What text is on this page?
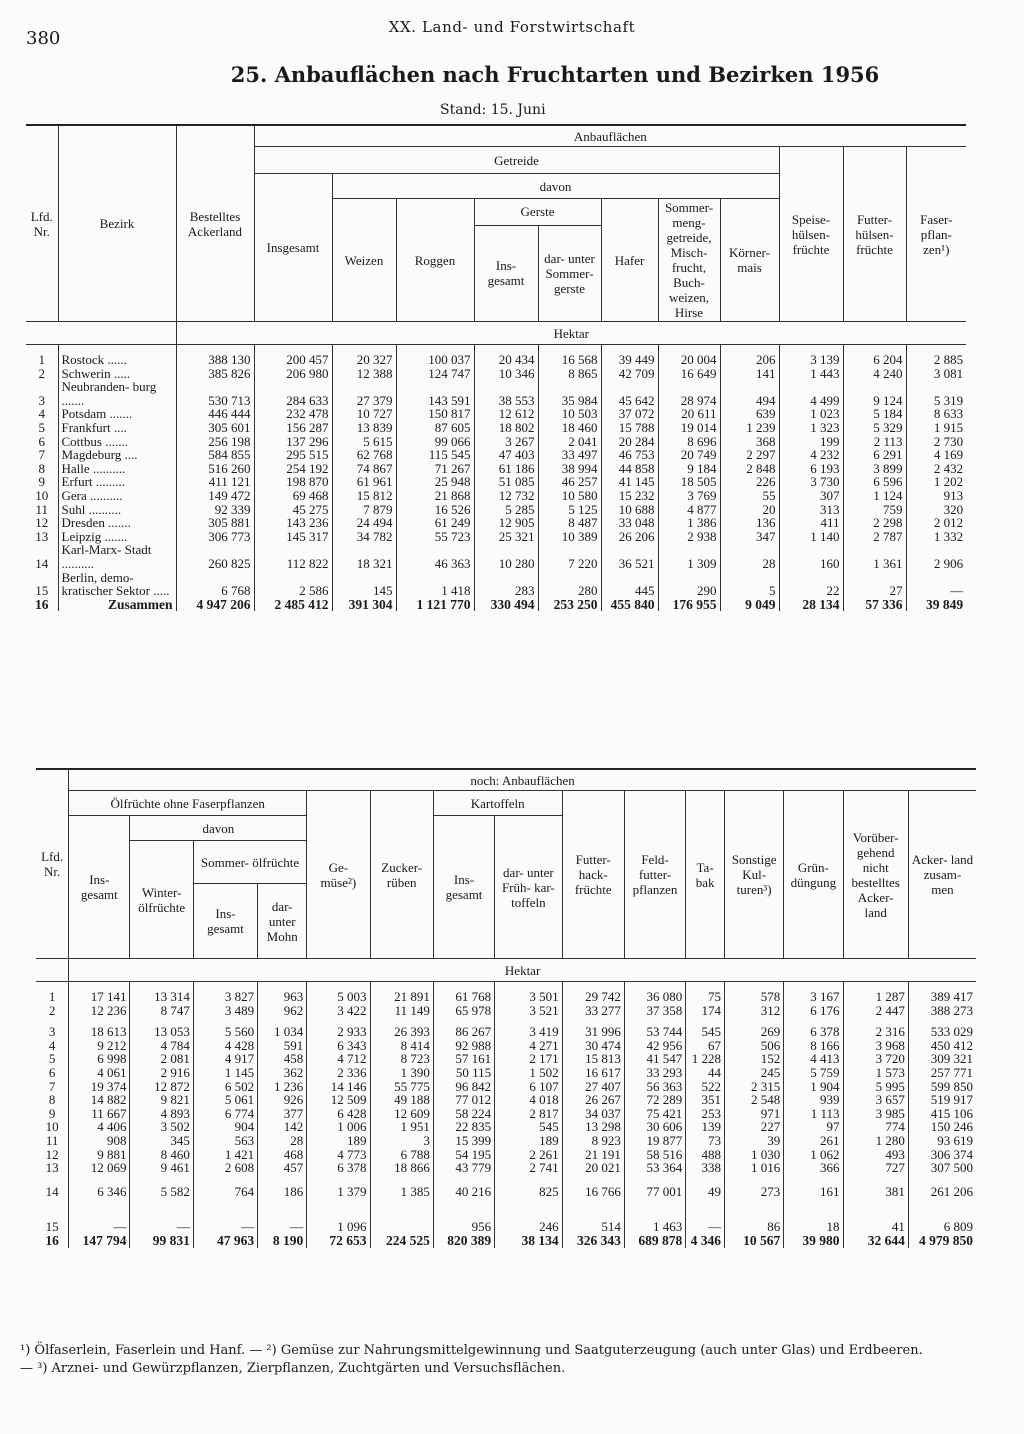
380
XX. Land- und Forstwirtschaft
25. Anbauflächen nach Fruchtarten und Bezirken 1956
Stand: 15. Juni
Lfd. Nr.	Bezirk	Bestelltes Ackerland	Anbauflächen										
			Getreide								Speise- hülsen- früchte	Futter- hülsen- früchte	Faser- pflan- zen¹)
			Insgesamt	davon									
				Weizen	Roggen	Gerste		Hafer	Sommer- meng- getreide, Misch- frucht, Buch- weizen, Hirse	Körner- mais			
						Ins- gesamt	dar- unter Sommer- gerste						
		Hektar											
1	Rostock ......	388 130	200 457	20 327	100 037	20 434	16 568	39 449	20 004	206	3 139	6 204	2 885
2	Schwerin .....	385 826	206 980	12 388	124 747	10 346	8 865	42 709	16 649	141	1 443	4 240	3 081
3	Neubranden- burg .......	530 713	284 633	27 379	143 591	38 553	35 984	45 642	28 974	494	4 499	9 124	5 319
4	Potsdam .......	446 444	232 478	10 727	150 817	12 612	10 503	37 072	20 611	639	1 023	5 184	8 633
5	Frankfurt ....	305 601	156 287	13 839	87 605	18 802	18 460	15 788	19 014	1 239	1 323	5 329	1 915
6	Cottbus .......	256 198	137 296	5 615	99 066	3 267	2 041	20 284	8 696	368	199	2 113	2 730
7	Magdeburg ....	584 855	295 515	62 768	115 545	47 403	33 497	46 753	20 749	2 297	4 232	6 291	4 169
8	Halle ..........	516 260	254 192	74 867	71 267	61 186	38 994	44 858	9 184	2 848	6 193	3 899	2 432
9	Erfurt .........	411 121	198 870	61 961	25 948	51 085	46 257	41 145	18 505	226	3 730	6 596	1 202
10	Gera ..........	149 472	69 468	15 812	21 868	12 732	10 580	15 232	3 769	55	307	1 124	913
11	Suhl ..........	92 339	45 275	7 879	16 526	5 285	5 125	10 688	4 877	20	313	759	320
12	Dresden .......	305 881	143 236	24 494	61 249	12 905	8 487	33 048	1 386	136	411	2 298	2 012
13	Leipzig .......	306 773	145 317	34 782	55 723	25 321	10 389	26 206	2 938	347	1 140	2 787	1 332
14	Karl-Marx- Stadt ..........	260 825	112 822	18 321	46 363	10 280	7 220	36 521	1 309	28	160	1 361	2 906
15	Berlin, demo- kratischer Sektor .....	6 768	2 586	145	1 418	283	280	445	290	5	22	27	—
16	Zusammen	4 947 206	2 485 412	391 304	1 121 770	330 494	253 250	455 840	176 955	9 049	28 134	57 336	39 849
Lfd. Nr.	noch: Anbauflächen														
	Ölfrüchte ohne Faserpflanzen				Ge- müse²)	Zucker- rüben	Kartoffeln		Futter- hack- früchte	Feld- futter- pflanzen	Ta- bak	Sonstige Kul- turen³)	Grün- düngung	Vorüber- gehend nicht bestelltes Acker- land	Acker- land zusam- men
	Ins- gesamt	davon					Ins- gesamt	dar- unter Früh- kar- toffeln							
		Winter- ölfrüchte	Sommer- ölfrüchte												
			Ins- gesamt	dar- unter Mohn											
	Hektar														
1	17 141	13 314	3 827	963	5 003	21 891	61 768	3 501	29 742	36 080	75	578	3 167	1 287	389 417
2	12 236	8 747	3 489	962	3 422	11 149	65 978	3 521	33 277	37 358	174	312	6 176	2 447	388 273
3	18 613	13 053	5 560	1 034	2 933	26 393	86 267	3 419	31 996	53 744	545	269	6 378	2 316	533 029
4	9 212	4 784	4 428	591	6 343	8 414	92 988	4 271	30 474	42 956	67	506	8 166	3 968	450 412
5	6 998	2 081	4 917	458	4 712	8 723	57 161	2 171	15 813	41 547	1 228	152	4 413	3 720	309 321
6	4 061	2 916	1 145	362	2 336	1 390	50 115	1 502	16 617	33 293	44	245	5 759	1 573	257 771
7	19 374	12 872	6 502	1 236	14 146	55 775	96 842	6 107	27 407	56 363	522	2 315	1 904	5 995	599 850
8	14 882	9 821	5 061	926	12 509	49 188	77 012	4 018	26 267	72 289	351	2 548	939	3 657	519 917
9	11 667	4 893	6 774	377	6 428	12 609	58 224	2 817	34 037	75 421	253	971	1 113	3 985	415 106
10	4 406	3 502	904	142	1 006	1 951	22 835	545	13 298	30 606	139	227	97	774	150 246
11	908	345	563	28	189	3	15 399	189	8 923	19 877	73	39	261	1 280	93 619
12	9 881	8 460	1 421	468	4 773	6 788	54 195	2 261	21 191	58 516	488	1 030	1 062	493	306 374
13	12 069	9 461	2 608	457	6 378	18 866	43 779	2 741	20 021	53 364	338	1 016	366	727	307 500
14	6 346	5 582	764	186	1 379	1 385	40 216	825	16 766	77 001	49	273	161	381	261 206
15	—	—	—	—	1 096		956	246	514	1 463	—	86	18	41	6 809
16	147 794	99 831	47 963	8 190	72 653	224 525	820 389	38 134	326 343	689 878	4 346	10 567	39 980	32 644	4 979 850
¹) Ölfaserlein, Faserlein und Hanf. — ²) Gemüse zur Nahrungsmittelgewinnung und Saatguterzeugung (auch unter Glas) und Erdbeeren.
— ³) Arznei- und Gewürzpflanzen, Zierpflanzen, Zuchtgärten und Versuchsflächen.
